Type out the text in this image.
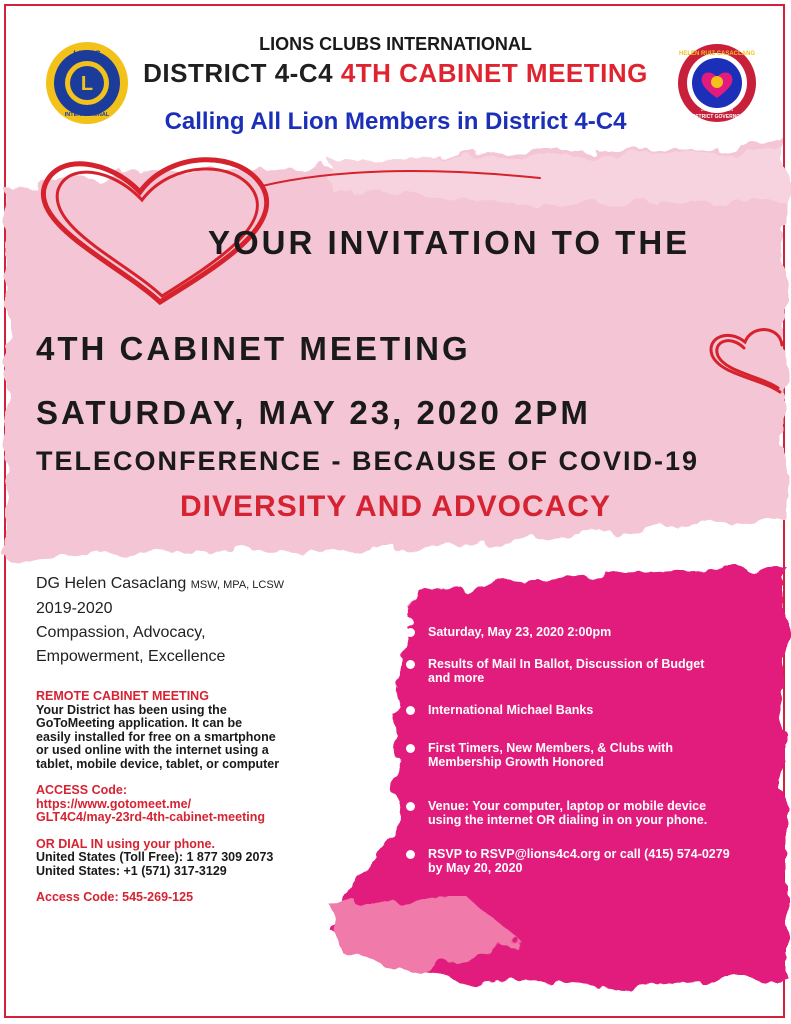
LIONS
L
INTERNATIONAL
HELEN RUIZ CASACLANG
DISTRICT GOVERNOR
2019-2020 4-C4
LIONS CLUBS INTERNATIONAL
DISTRICT 4-C4 4TH CABINET MEETING
Calling All Lion Members in District 4-C4
YOUR INVITATION TO THE
4TH CABINET MEETING
SATURDAY, MAY 23, 2020 2PM
TELECONFERENCE - BECAUSE OF COVID-19
DIVERSITY AND ADVOCACY
DG Helen Casaclang MSW, MPA, LCSW
2019-2020
Compassion, Advocacy,
Empowerment, Excellence
REMOTE CABINET MEETING
Your District has been using the
GoToMeeting application. It can be
easily installed for free on a smartphone
or used online with the internet using a
tablet, mobile device, tablet, or computer
ACCESS Code:
https://www.gotomeet.me/
GLT4C4/may-23rd-4th-cabinet-meeting
OR DIAL IN using your phone.
United States (Toll Free): 1 877 309 2073
United States: +1 (571) 317-3129
Access Code: 545-269-125
Saturday, May 23, 2020 2:00pm
Results of Mail In Ballot, Discussion of Budget
and more
International Michael Banks
First Timers, New Members, & Clubs with
Membership Growth Honored
Venue: Your computer, laptop or mobile device
using the internet OR dialing in on your phone.
RSVP to RSVP@lions4c4.org or call (415) 574-0279
by May 20, 2020
